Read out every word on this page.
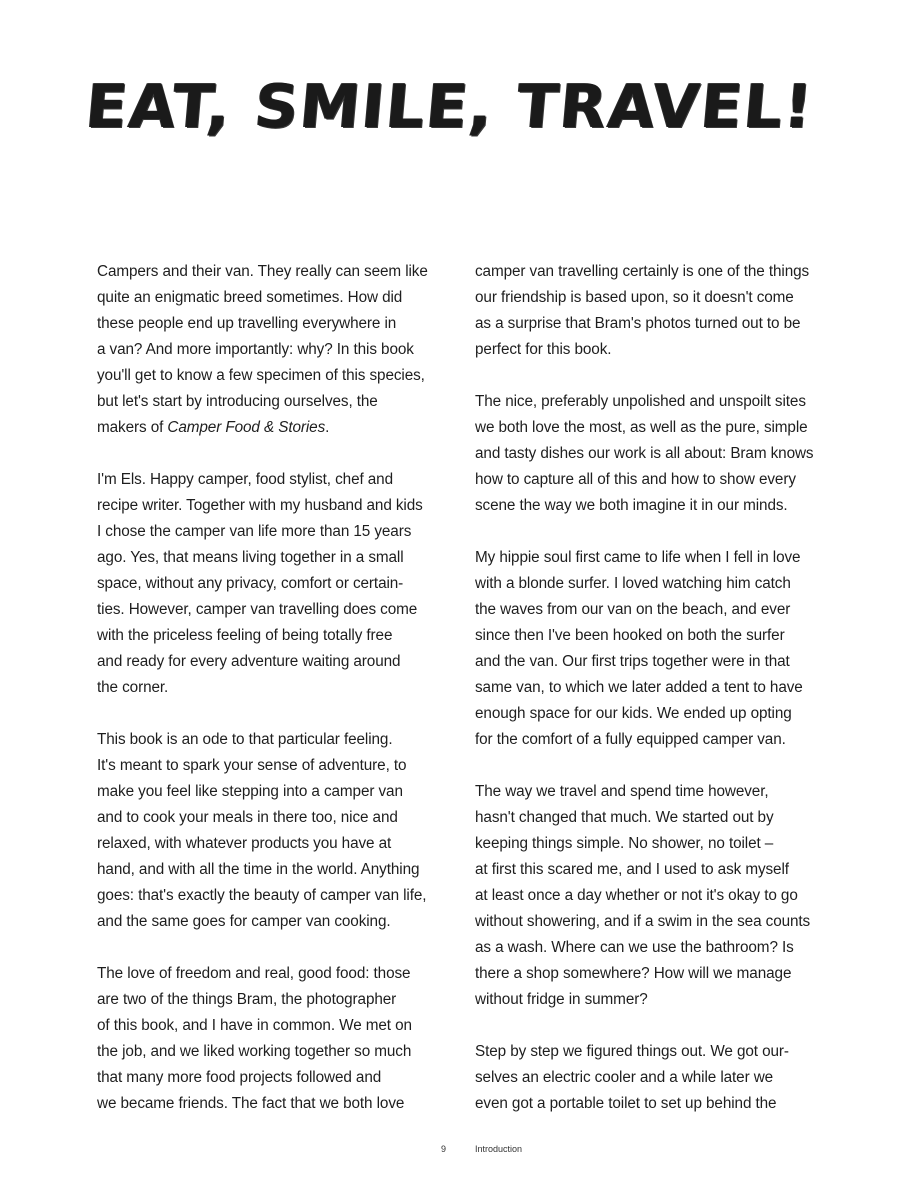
EAT, SMILE, TRAVEL!
Campers and their van. They really can seem like
quite an enigmatic breed sometimes. How did
these people end up travelling everywhere in
a van? And more importantly: why? In this book
you'll get to know a few specimen of this species,
but let's start by introducing ourselves, the
makers of Camper Food & Stories.
I'm Els. Happy camper, food stylist, chef and
recipe writer. Together with my husband and kids
I chose the camper van life more than 15 years
ago. Yes, that means living together in a small
space, without any privacy, comfort or certain-
ties. However, camper van travelling does come
with the priceless feeling of being totally free
and ready for every adventure waiting around
the corner.
This book is an ode to that particular feeling.
It's meant to spark your sense of adventure, to
make you feel like stepping into a camper van
and to cook your meals in there too, nice and
relaxed, with whatever products you have at
hand, and with all the time in the world. Anything
goes: that's exactly the beauty of camper van life,
and the same goes for camper van cooking.
The love of freedom and real, good food: those
are two of the things Bram, the photographer
of this book, and I have in common. We met on
the job, and we liked working together so much
that many more food projects followed and
we became friends. The fact that we both love
camper van travelling certainly is one of the things
our friendship is based upon, so it doesn't come
as a surprise that Bram's photos turned out to be
perfect for this book.
The nice, preferably unpolished and unspoilt sites
we both love the most, as well as the pure, simple
and tasty dishes our work is all about: Bram knows
how to capture all of this and how to show every
scene the way we both imagine it in our minds.
My hippie soul first came to life when I fell in love
with a blonde surfer. I loved watching him catch
the waves from our van on the beach, and ever
since then I've been hooked on both the surfer
and the van. Our first trips together were in that
same van, to which we later added a tent to have
enough space for our kids. We ended up opting
for the comfort of a fully equipped camper van.
The way we travel and spend time however,
hasn't changed that much. We started out by
keeping things simple. No shower, no toilet –
at first this scared me, and I used to ask myself
at least once a day whether or not it's okay to go
without showering, and if a swim in the sea counts
as a wash. Where can we use the bathroom? Is
there a shop somewhere? How will we manage
without fridge in summer?
Step by step we figured things out. We got our-
selves an electric cooler and a while later we
even got a portable toilet to set up behind the
9	Introduction
